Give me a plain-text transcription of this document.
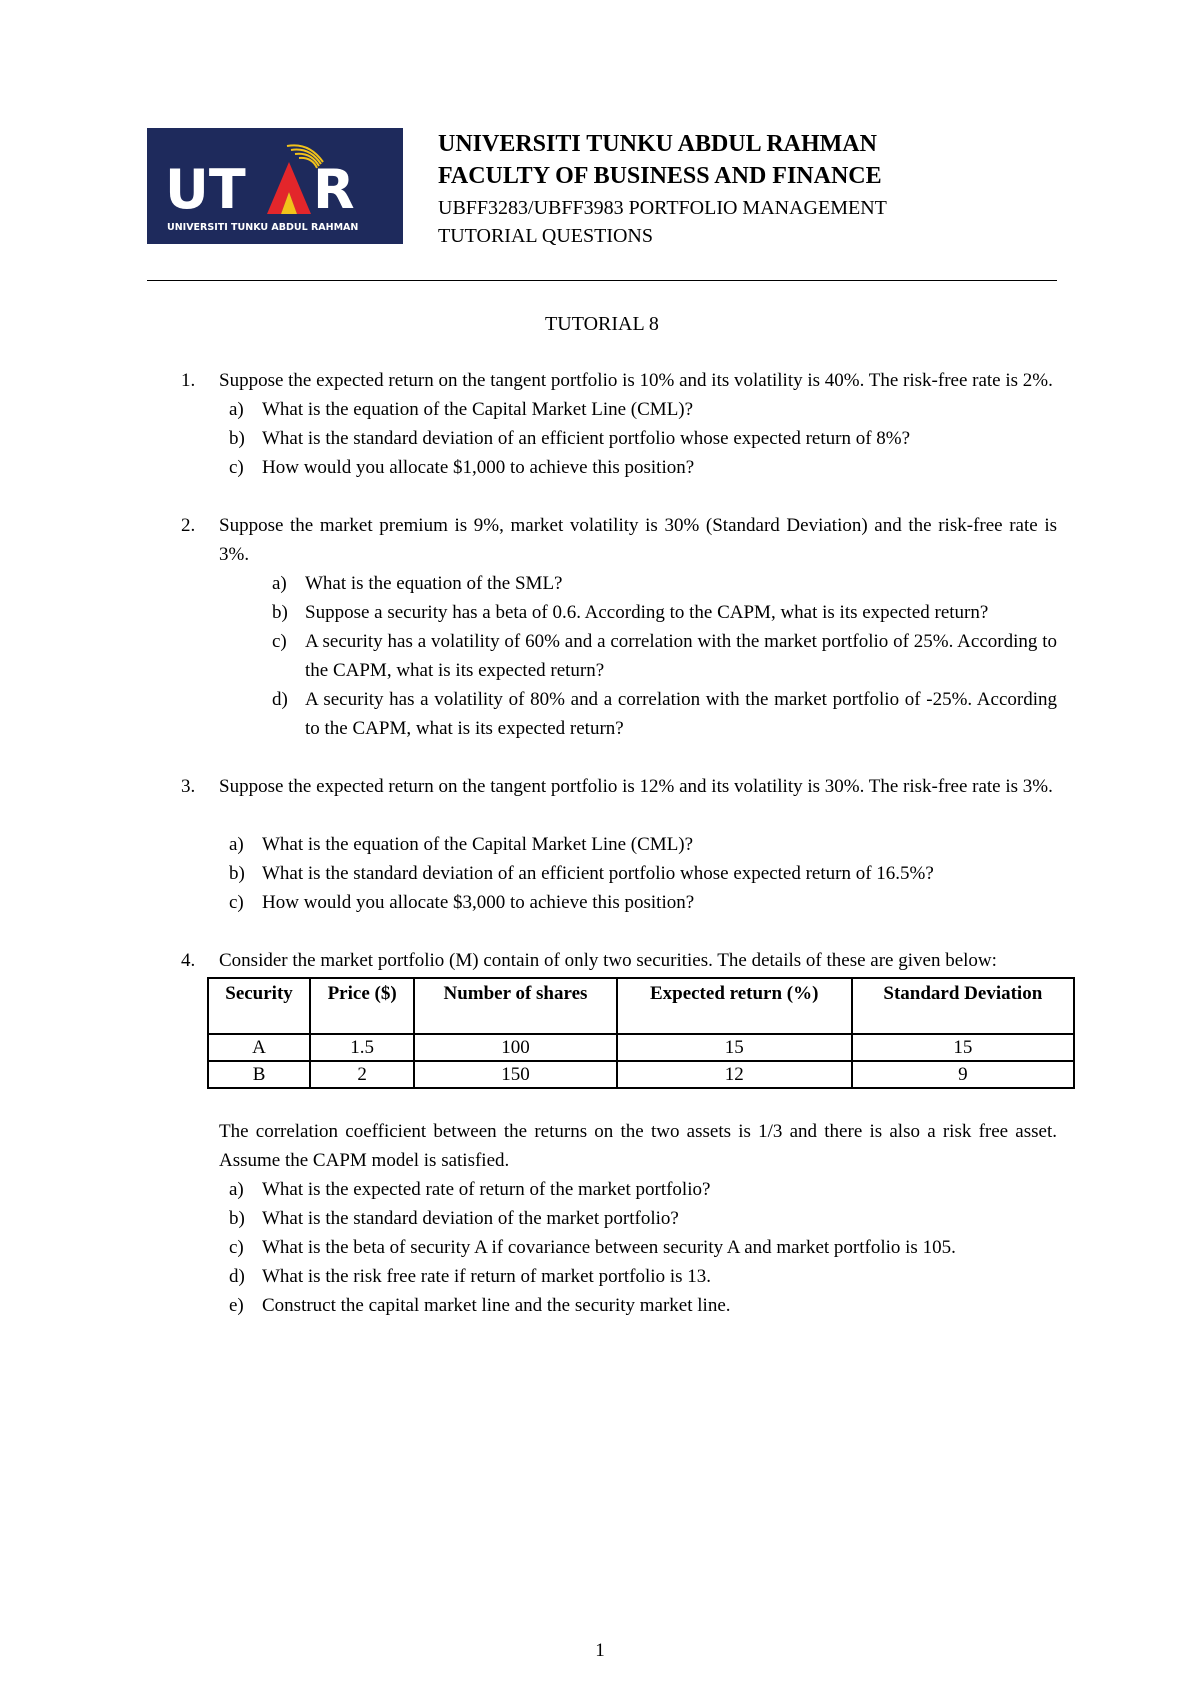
UT R
UNIVERSITI TUNKU ABDUL RAHMAN
UNIVERSITI TUNKU ABDUL RAHMAN
FACULTY OF BUSINESS AND FINANCE
UBFF3283/UBFF3983 PORTFOLIO MANAGEMENT
TUTORIAL QUESTIONS
TUTORIAL 8
1. Suppose the expected return on the tangent portfolio is 10% and its volatility is 40%. The risk-free rate is 2%.
a) What is the equation of the Capital Market Line (CML)?
b) What is the standard deviation of an efficient portfolio whose expected return of 8%?
c) How would you allocate $1,000 to achieve this position?
2. Suppose the market premium is 9%, market volatility is 30% (Standard Deviation) and the risk-free rate is 3%.
a) What is the equation of the SML?
b) Suppose a security has a beta of 0.6. According to the CAPM, what is its expected return?
c) A security has a volatility of 60% and a correlation with the market portfolio of 25%. According to the CAPM, what is its expected return?
d) A security has a volatility of 80% and a correlation with the market portfolio of -25%. According to the CAPM, what is its expected return?
3. Suppose the expected return on the tangent portfolio is 12% and its volatility is 30%. The risk-free rate is 3%.
a) What is the equation of the Capital Market Line (CML)?
b) What is the standard deviation of an efficient portfolio whose expected return of 16.5%?
c) How would you allocate $3,000 to achieve this position?
4. Consider the market portfolio (M) contain of only two securities. The details of these are given below:
Security	Price ($)	Number of shares	Expected return (%)	Standard Deviation
A	1.5	100	15	15
B	2	150	12	9
The correlation coefficient between the returns on the two assets is 1/3 and there is also a risk free asset. Assume the CAPM model is satisfied.
a) What is the expected rate of return of the market portfolio?
b) What is the standard deviation of the market portfolio?
c) What is the beta of security A if covariance between security A and market portfolio is 105.
d) What is the risk free rate if return of market portfolio is 13.
e) Construct the capital market line and the security market line.
1
